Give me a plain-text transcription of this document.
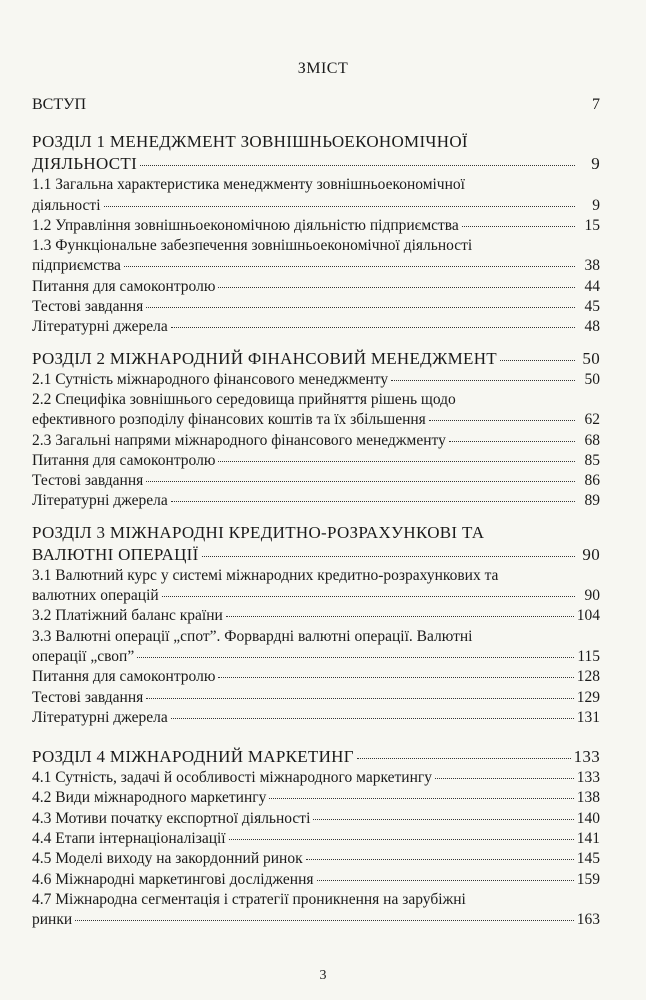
ЗМІСТ
ВСТУП	7
РОЗДІЛ 1 МЕНЕДЖМЕНТ ЗОВНІШНЬОЕКОНОМІЧНОЇ
ДІЯЛЬНОСТІ	9
1.1 Загальна характеристика менеджменту зовнішньоекономічної
діяльності	9
1.2 Управління зовнішньоекономічною діяльністю підприємства	15
1.3 Функціональне забезпечення зовнішньоекономічної діяльності
підприємства	38
Питання для самоконтролю	44
Тестові завдання	45
Літературні джерела	48
РОЗДІЛ 2 МІЖНАРОДНИЙ ФІНАНСОВИЙ МЕНЕДЖМЕНТ	50
2.1 Сутність міжнародного фінансового менеджменту	50
2.2 Специфіка зовнішнього середовища прийняття рішень щодо
ефективного розподілу фінансових коштів та їх збільшення	62
2.3 Загальні напрями міжнародного фінансового менеджменту	68
Питання для самоконтролю	85
Тестові завдання	86
Літературні джерела	89
РОЗДІЛ 3 МІЖНАРОДНІ КРЕДИТНО-РОЗРАХУНКОВІ ТА
ВАЛЮТНІ ОПЕРАЦІЇ	90
3.1 Валютний курс у системі міжнародних кредитно-розрахункових та
валютних операцій	90
3.2 Платіжний баланс країни	104
3.3 Валютні операції „спот”. Форвардні валютні операції. Валютні
операції „своп”	115
Питання для самоконтролю	128
Тестові завдання	129
Літературні джерела	131
РОЗДІЛ 4 МІЖНАРОДНИЙ МАРКЕТИНГ	133
4.1 Сутність, задачі й особливості міжнародного маркетингу	133
4.2 Види міжнародного маркетингу	138
4.3 Мотиви початку експортної діяльності	140
4.4 Етапи інтернаціоналізації	141
4.5 Моделі виходу на закордонний ринок	145
4.6 Міжнародні маркетингові дослідження	159
4.7 Міжнародна сегментація і стратегії проникнення на зарубіжні
ринки	163
3
